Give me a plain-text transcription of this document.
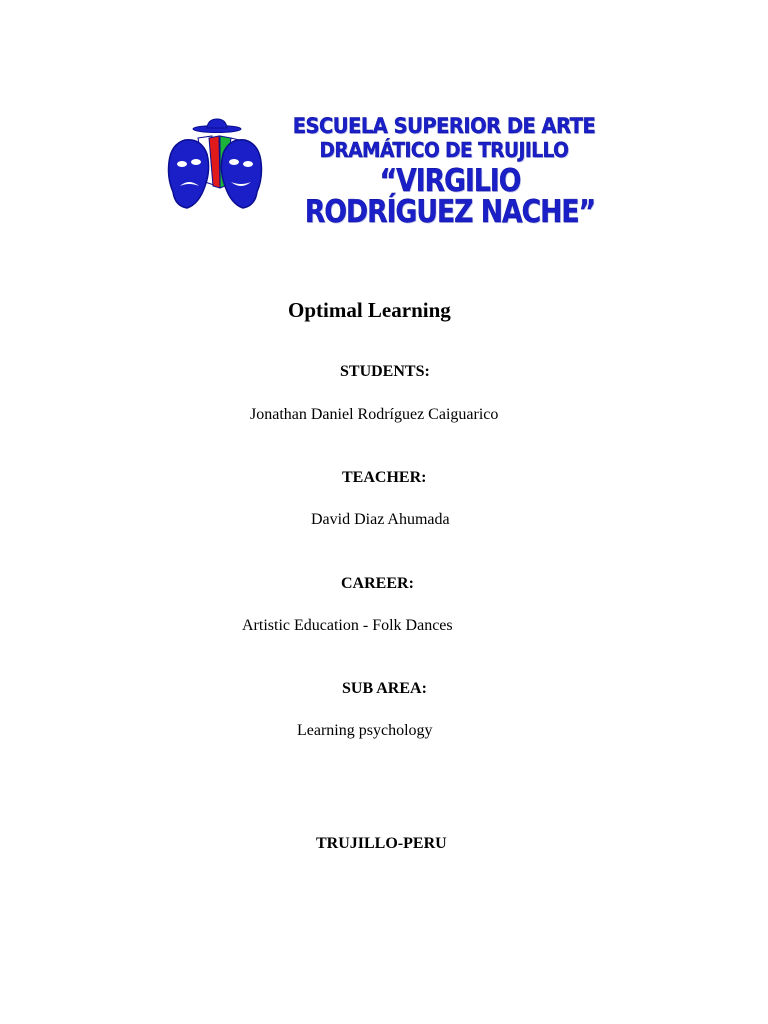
ESCUELA SUPERIOR DE ARTE
DRAMÁTICO DE TRUJILLO
“VIRGILIO RODRÍGUEZ NACHE”
Optimal Learning
STUDENTS:
Jonathan Daniel Rodríguez Caiguarico
TEACHER:
David Diaz Ahumada
CAREER:
Artistic Education - Folk Dances
SUB AREA:
Learning psychology
TRUJILLO-PERU
